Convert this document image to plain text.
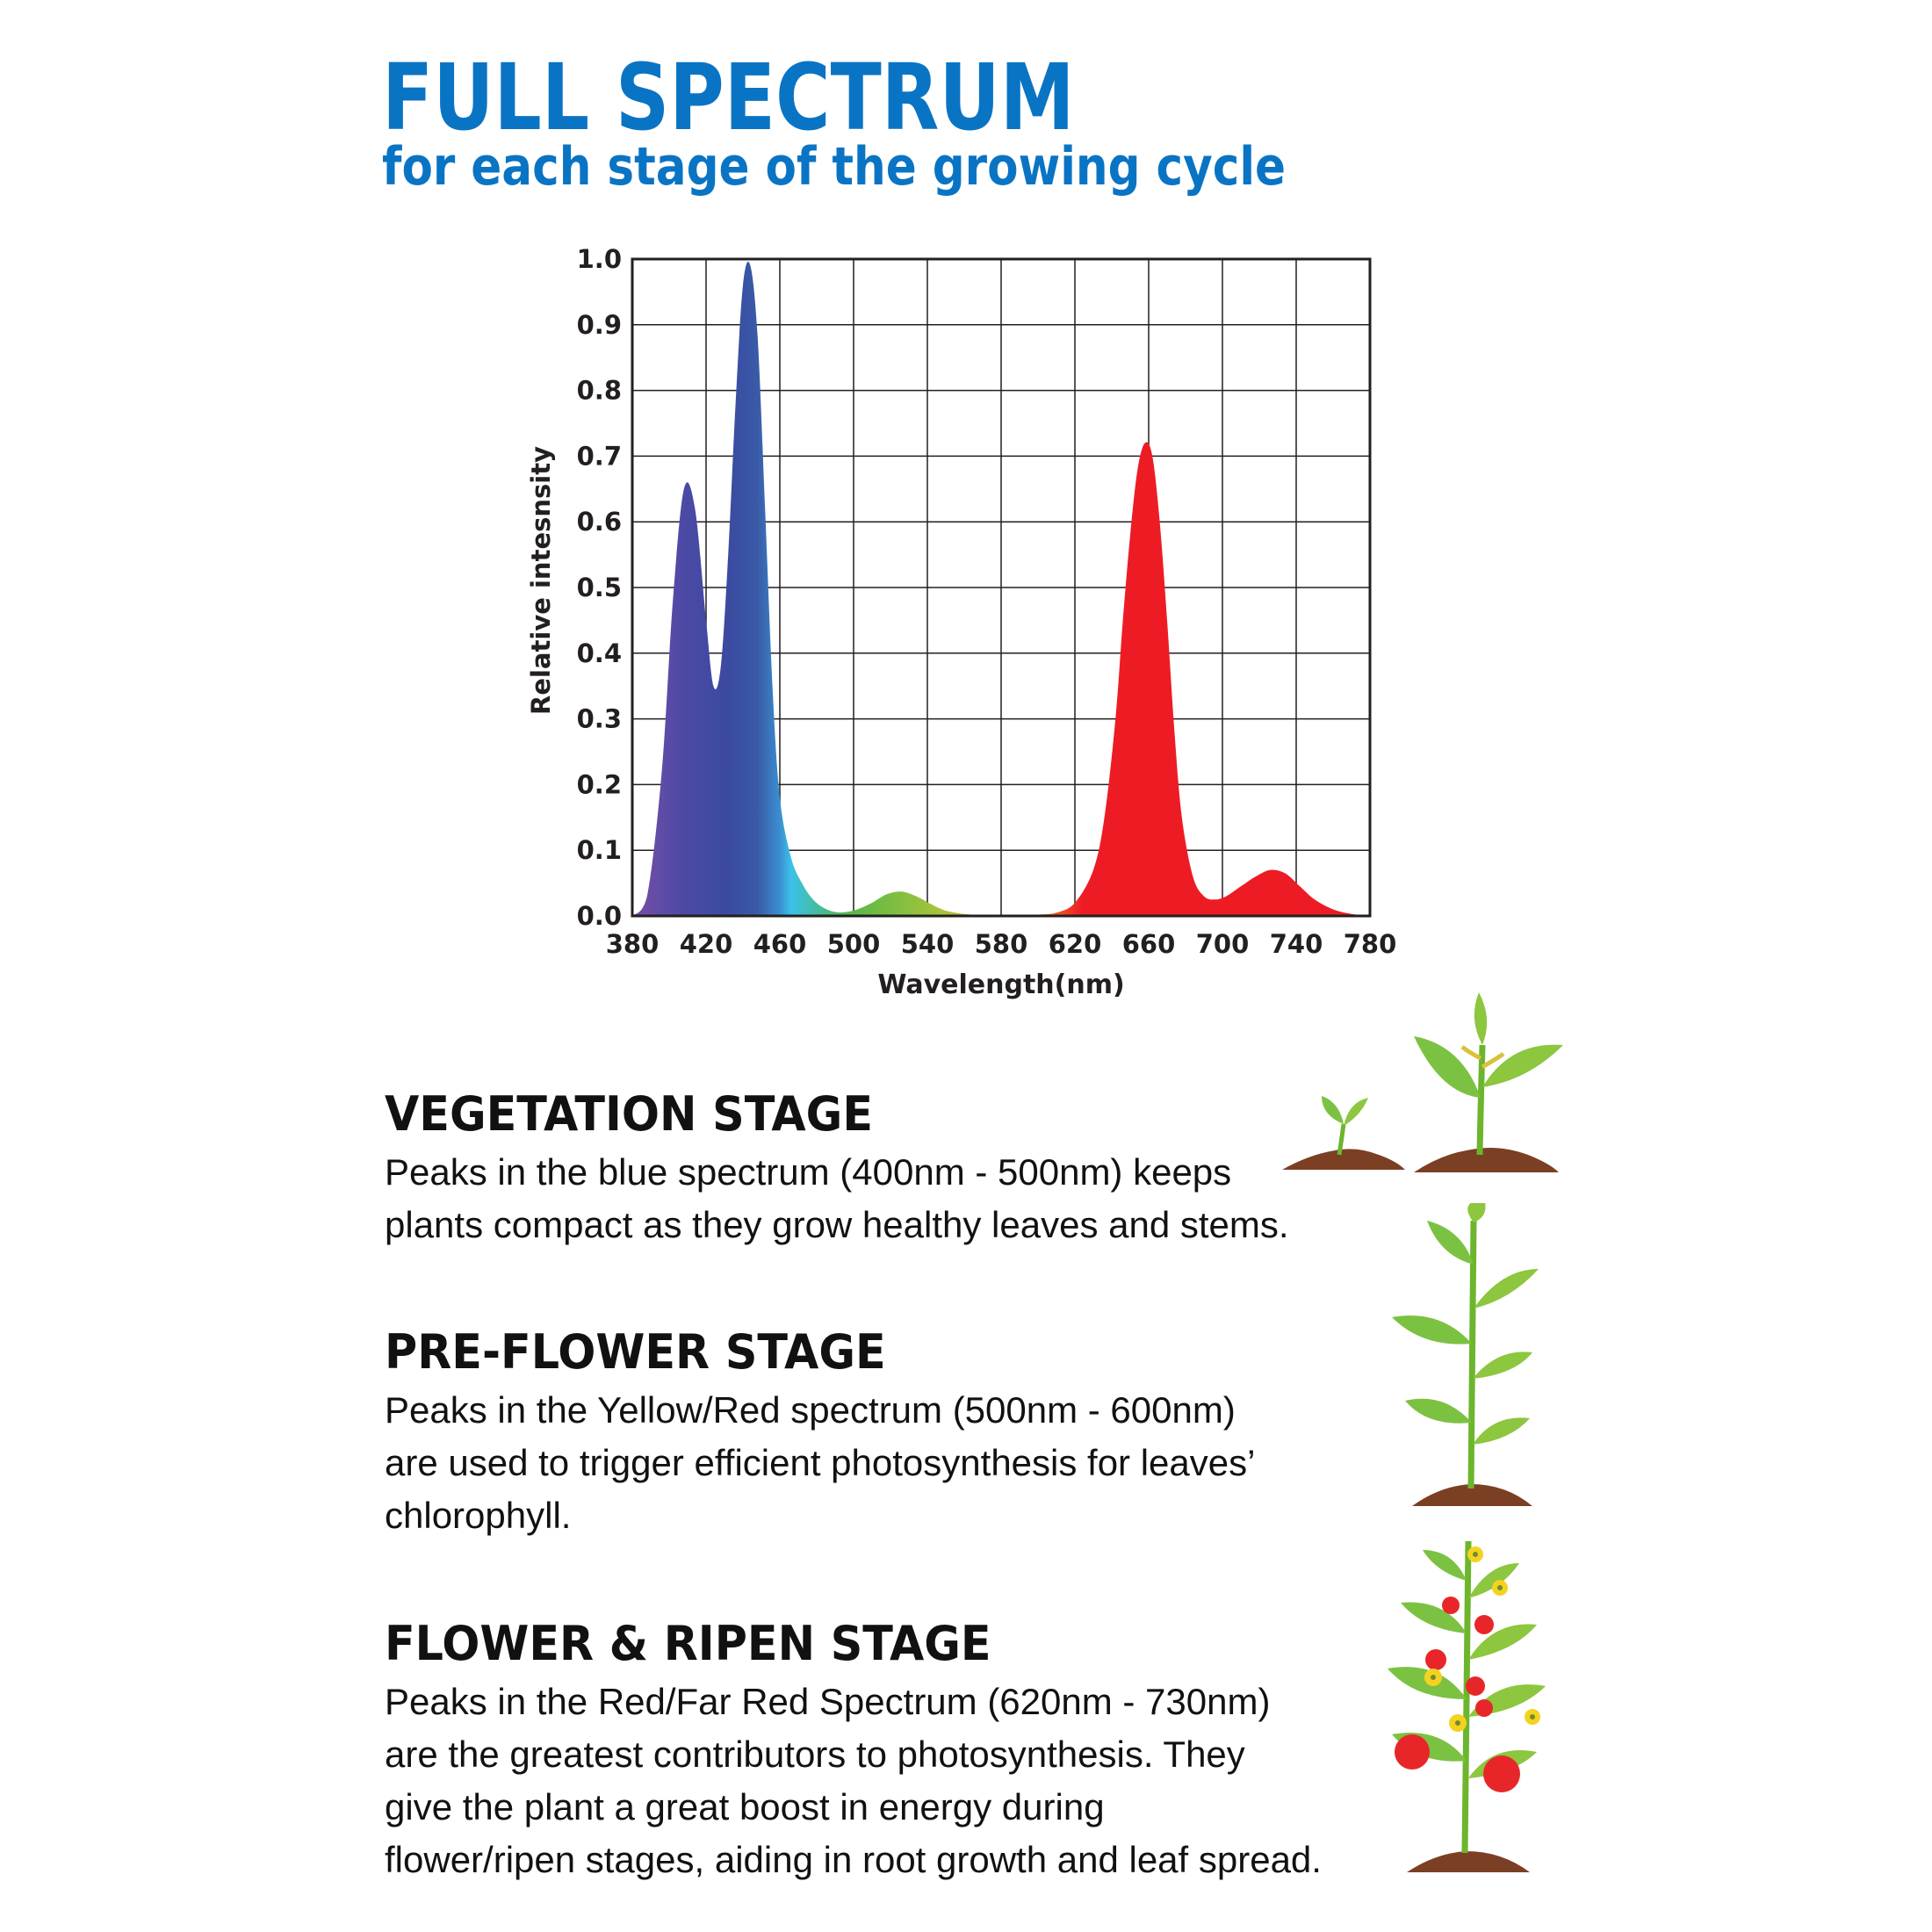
FULL SPECTRUM
for each stage of the growing cycle
0.0
0.1
0.2
0.3
0.4
0.5
0.6
0.7
0.8
0.9
1.0
380 420 460 500 540 580 620 660 700 740 780
Wavelength(nm)
Relative intesnsity
VEGETATION STAGE
Peaks in the blue spectrum (400nm - 500nm) keeps
plants compact as they grow healthy leaves and stems.
PRE-FLOWER STAGE
Peaks in the Yellow/Red spectrum (500nm - 600nm)
are used to trigger efficient photosynthesis for leaves’
chlorophyll.
FLOWER & RIPEN STAGE
Peaks in the Red/Far Red Spectrum (620nm - 730nm)
are the greatest contributors to photosynthesis. They
give the plant a great boost in energy during
flower/ripen stages, aiding in root growth and leaf spread.
